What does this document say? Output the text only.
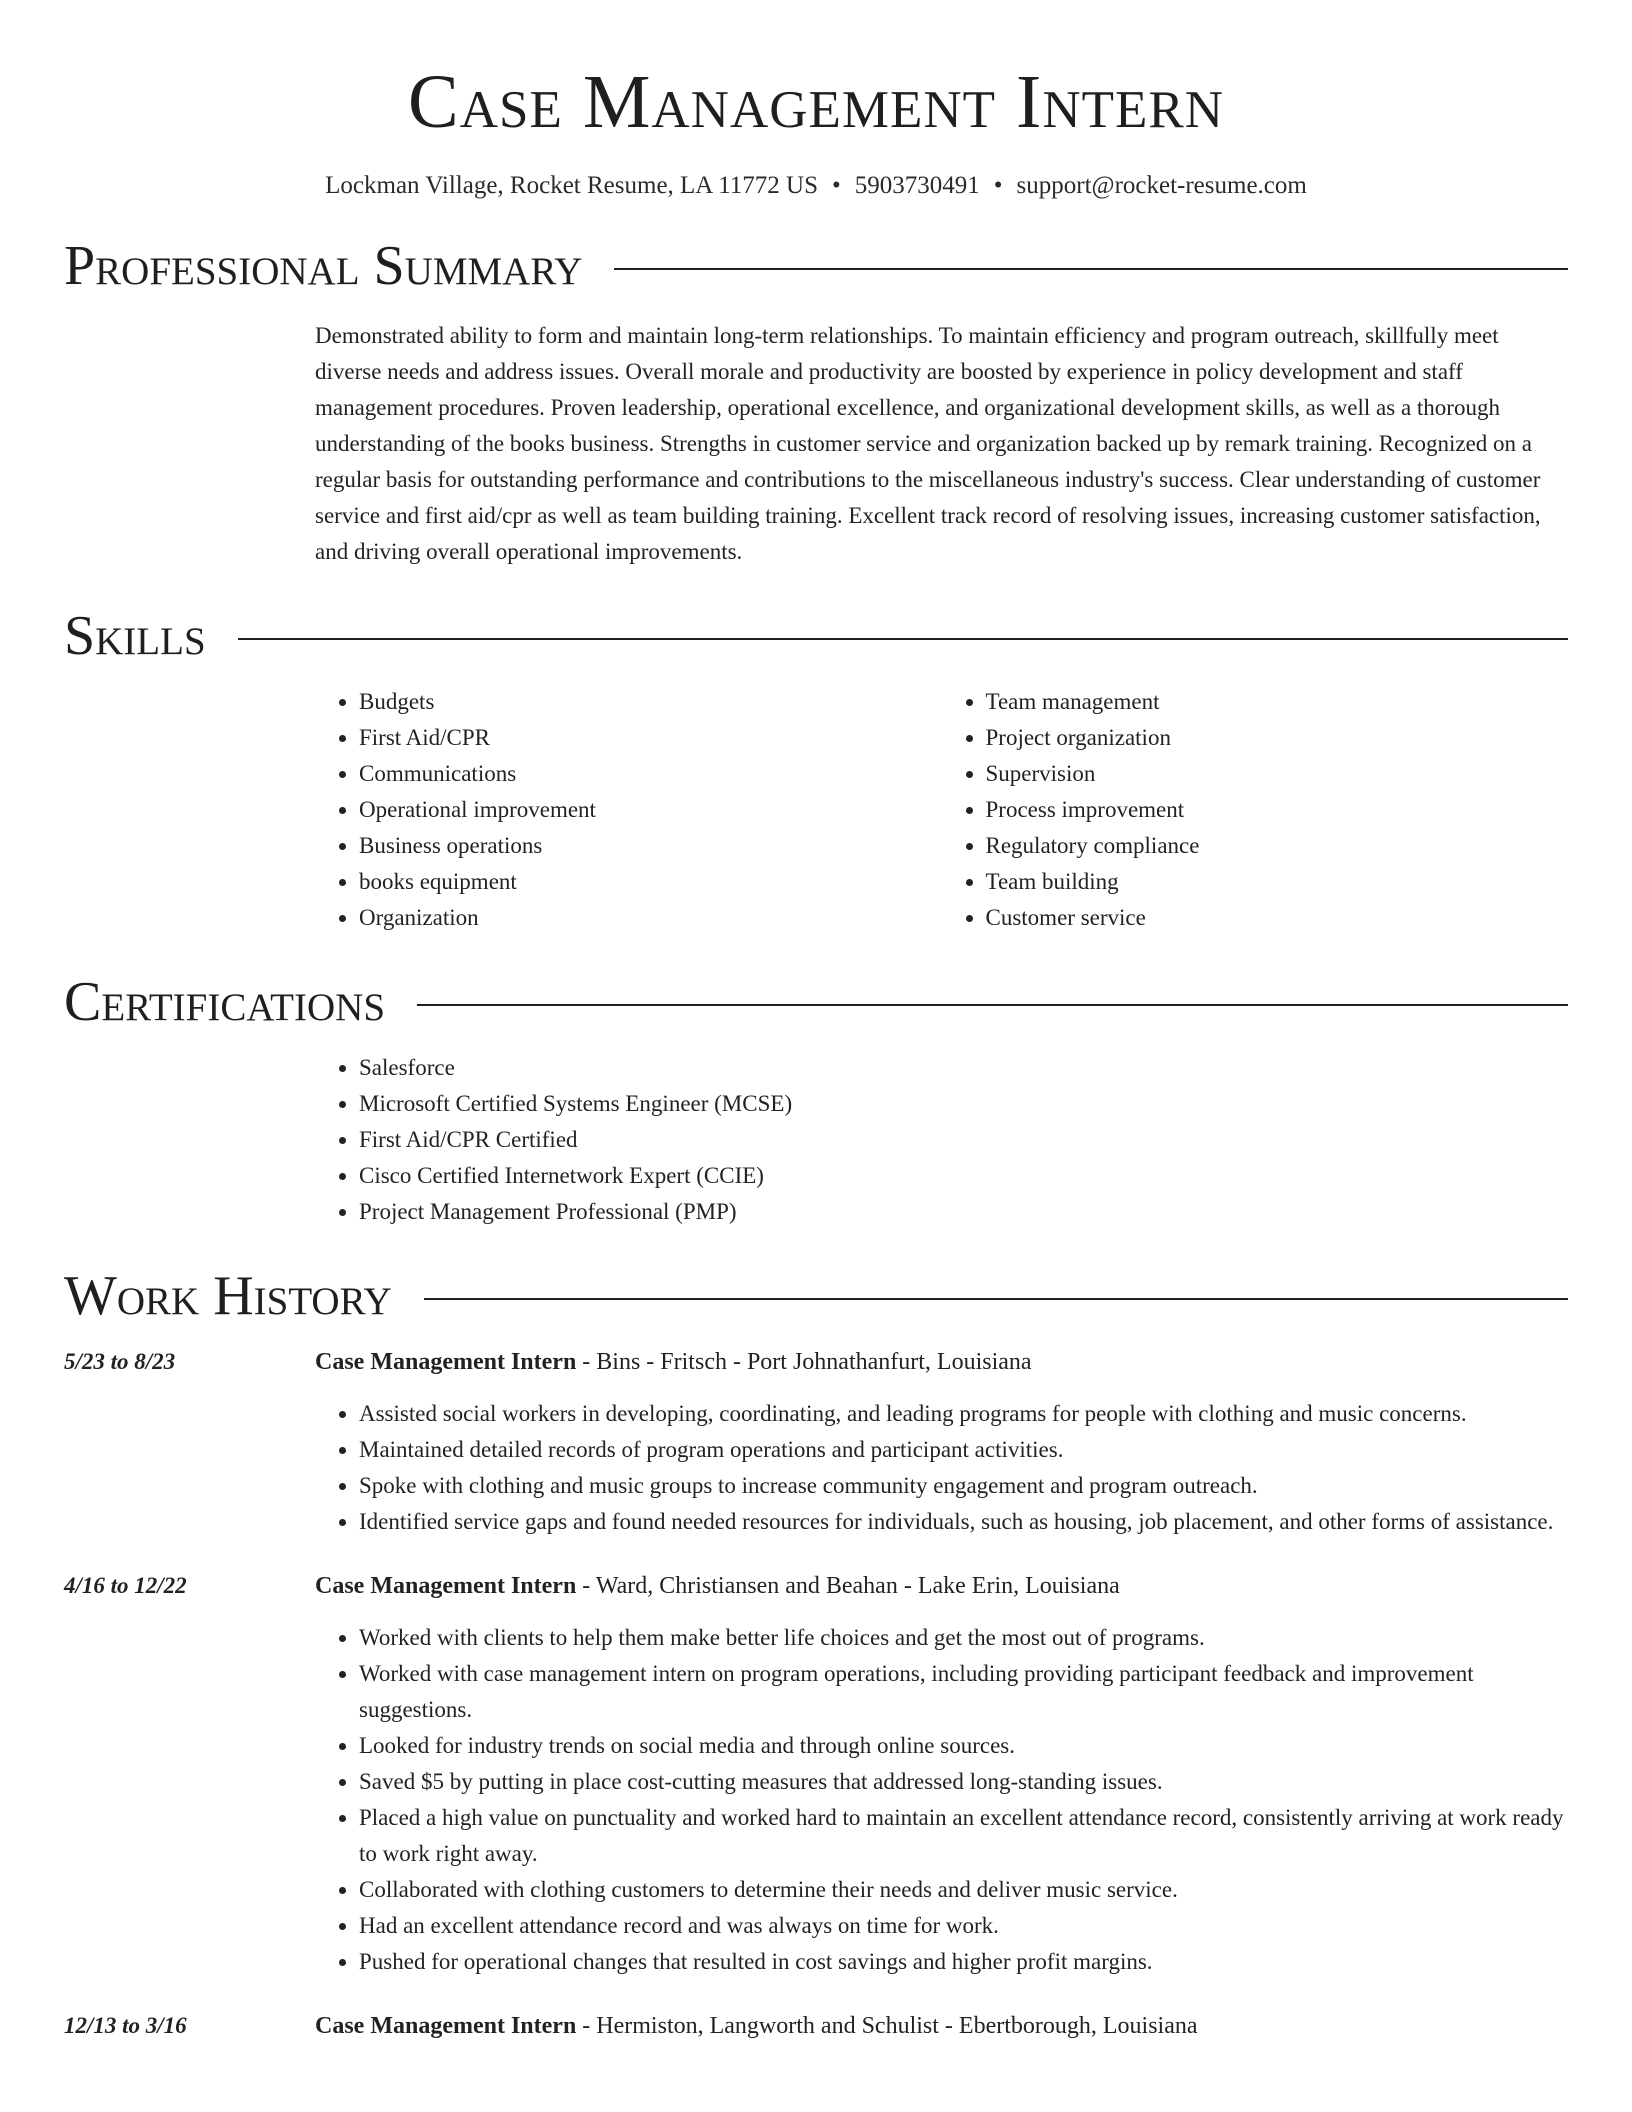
Case Management Intern
Lockman Village, Rocket Resume, LA 11772 US • 5903730491 • support@rocket-resume.com
Professional Summary
Demonstrated ability to form and maintain long-term relationships. To maintain efficiency and program outreach, skillfully meet diverse needs and address issues. Overall morale and productivity are boosted by experience in policy development and staff management procedures. Proven leadership, operational excellence, and organizational development skills, as well as a thorough understanding of the books business. Strengths in customer service and organization backed up by remark training. Recognized on a regular basis for outstanding performance and contributions to the miscellaneous industry's success. Clear understanding of customer service and first aid/cpr as well as team building training. Excellent track record of resolving issues, increasing customer satisfaction, and driving overall operational improvements.
Skills
• Budgets
• First Aid/CPR
• Communications
• Operational improvement
• Business operations
• books equipment
• Organization
• Team management
• Project organization
• Supervision
• Process improvement
• Regulatory compliance
• Team building
• Customer service
Certifications
• Salesforce
• Microsoft Certified Systems Engineer (MCSE)
• First Aid/CPR Certified
• Cisco Certified Internetwork Expert (CCIE)
• Project Management Professional (PMP)
Work History
5/23 to 8/23	Case Management Intern - Bins - Fritsch - Port Johnathanfurt, Louisiana
• Assisted social workers in developing, coordinating, and leading programs for people with clothing and music concerns.
• Maintained detailed records of program operations and participant activities.
• Spoke with clothing and music groups to increase community engagement and program outreach.
• Identified service gaps and found needed resources for individuals, such as housing, job placement, and other forms of assistance.
4/16 to 12/22	Case Management Intern - Ward, Christiansen and Beahan - Lake Erin, Louisiana
• Worked with clients to help them make better life choices and get the most out of programs.
• Worked with case management intern on program operations, including providing participant feedback and improvement suggestions.
• Looked for industry trends on social media and through online sources.
• Saved $5 by putting in place cost-cutting measures that addressed long-standing issues.
• Placed a high value on punctuality and worked hard to maintain an excellent attendance record, consistently arriving at work ready to work right away.
• Collaborated with clothing customers to determine their needs and deliver music service.
• Had an excellent attendance record and was always on time for work.
• Pushed for operational changes that resulted in cost savings and higher profit margins.
12/13 to 3/16	Case Management Intern - Hermiston, Langworth and Schulist - Ebertborough, Louisiana
